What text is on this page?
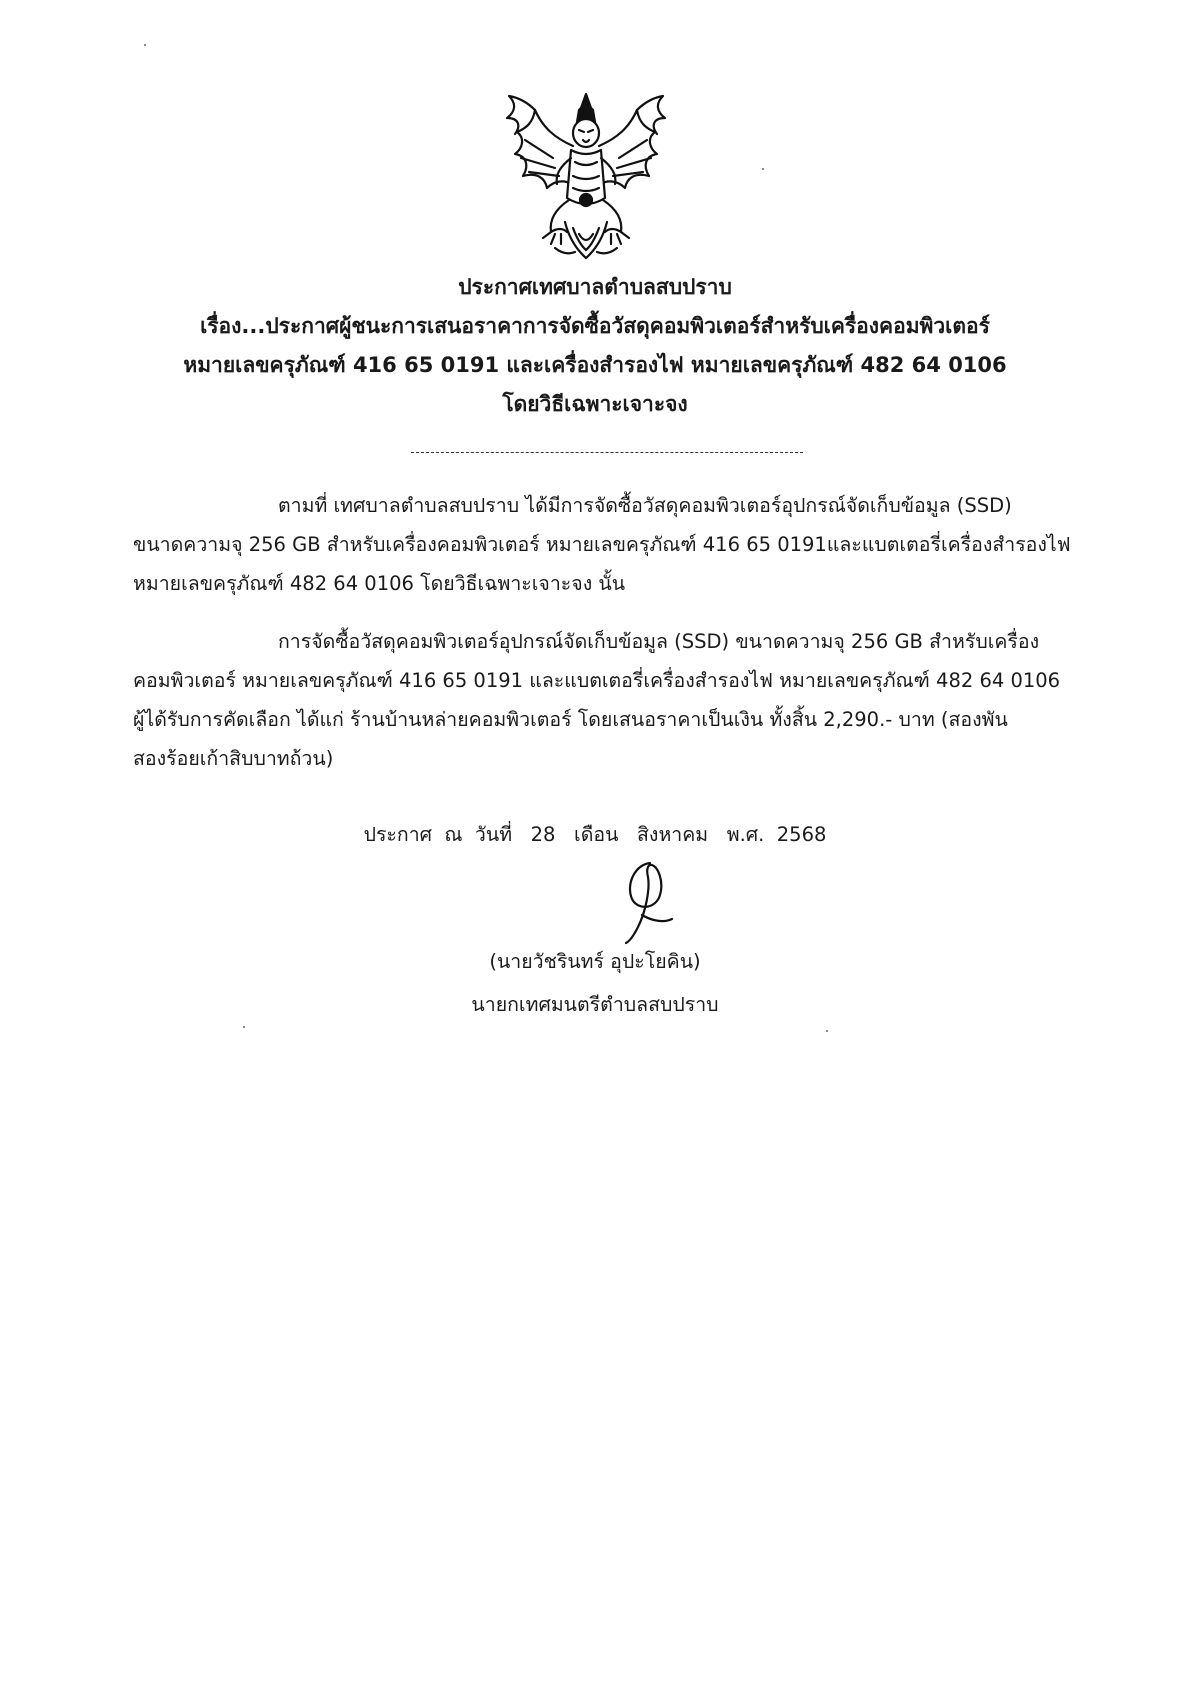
ประกาศเทศบาลตำบลสบปราบ
เรื่อง...ประกาศผู้ชนะการเสนอราคาการจัดซื้อวัสดุคอมพิวเตอร์สำหรับเครื่องคอมพิวเตอร์
หมายเลขครุภัณฑ์ 416 65 0191 และเครื่องสำรองไฟ หมายเลขครุภัณฑ์ 482 64 0106
โดยวิธีเฉพาะเจาะจง
ตามที่ เทศบาลตำบลสบปราบ ได้มีการจัดซื้อวัสดุคอมพิวเตอร์อุปกรณ์จัดเก็บข้อมูล (SSD)
ขนาดความจุ 256 GB สำหรับเครื่องคอมพิวเตอร์ หมายเลขครุภัณฑ์ 416 65 0191และแบตเตอรี่เครื่องสำรองไฟ
หมายเลขครุภัณฑ์ 482 64 0106 โดยวิธีเฉพาะเจาะจง นั้น
การจัดซื้อวัสดุคอมพิวเตอร์อุปกรณ์จัดเก็บข้อมูล (SSD) ขนาดความจุ 256 GB สำหรับเครื่อง
คอมพิวเตอร์ หมายเลขครุภัณฑ์ 416 65 0191 และแบตเตอรี่เครื่องสำรองไฟ หมายเลขครุภัณฑ์ 482 64 0106
ผู้ได้รับการคัดเลือก ได้แก่ ร้านบ้านหล่ายคอมพิวเตอร์ โดยเสนอราคาเป็นเงิน ทั้งสิ้น 2,290.- บาท (สองพัน
สองร้อยเก้าสิบบาทถ้วน)
ประกาศ  ณ  วันที่   28   เดือน   สิงหาคม   พ.ศ.  2568
(นายวัชรินทร์ อุปะโยคิน)
นายกเทศมนตรีตำบลสบปราบ
